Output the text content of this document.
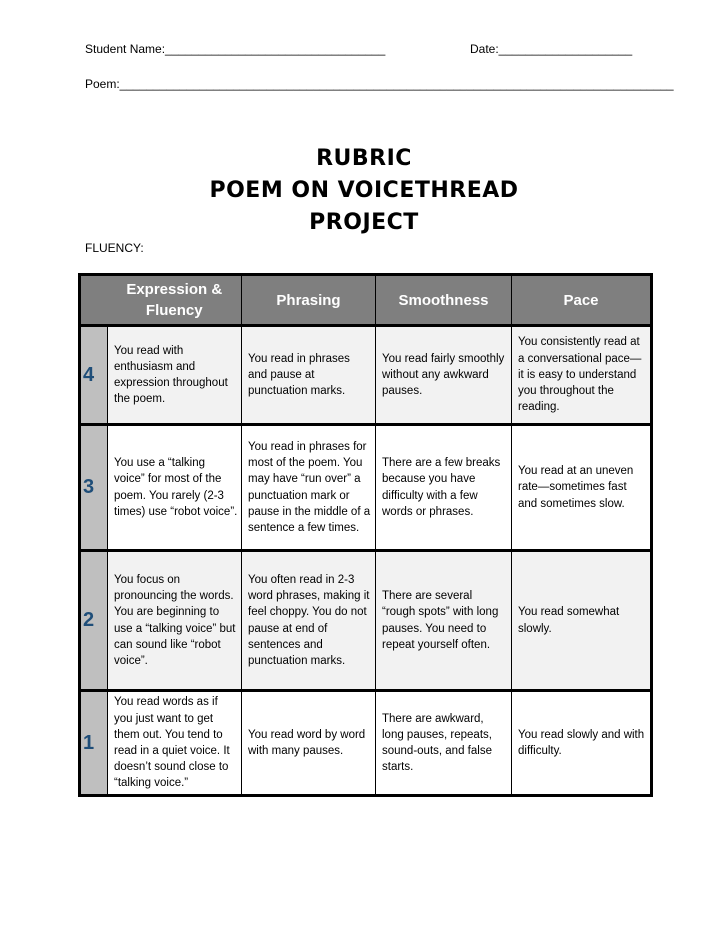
Student Name:_________________________________	Date:____________________
Poem:___________________________________________________________________________________
RUBRIC
POEM ON VOICETHREAD
PROJECT
FLUENCY:
	Expression & Fluency	Phrasing	Smoothness	Pace
4	You read with enthusiasm and expression throughout the poem.	You read in phrases and pause at punctuation marks.	You read fairly smoothly without any awkward pauses.	You consistently read at a conversational pace—it is easy to understand you throughout the reading.
3	You use a “talking voice” for most of the poem. You rarely (2-3 times) use “robot voice”.	You read in phrases for most of the poem. You may have “run over” a punctuation mark or pause in the middle of a sentence a few times.	There are a few breaks because you have difficulty with a few words or phrases.	You read at an uneven rate—sometimes fast and sometimes slow.
2	You focus on pronouncing the words. You are beginning to use a “talking voice” but can sound like “robot voice”.	You often read in 2-3 word phrases, making it feel choppy. You do not pause at end of sentences and punctuation marks.	There are several “rough spots” with long pauses. You need to repeat yourself often.	You read somewhat slowly.
1	You read words as if you just want to get them out. You tend to read in a quiet voice. It doesn’t sound close to “talking voice.”	You read word by word with many pauses.	There are awkward, long pauses, repeats, sound-outs, and false starts.	You read slowly and with difficulty.
